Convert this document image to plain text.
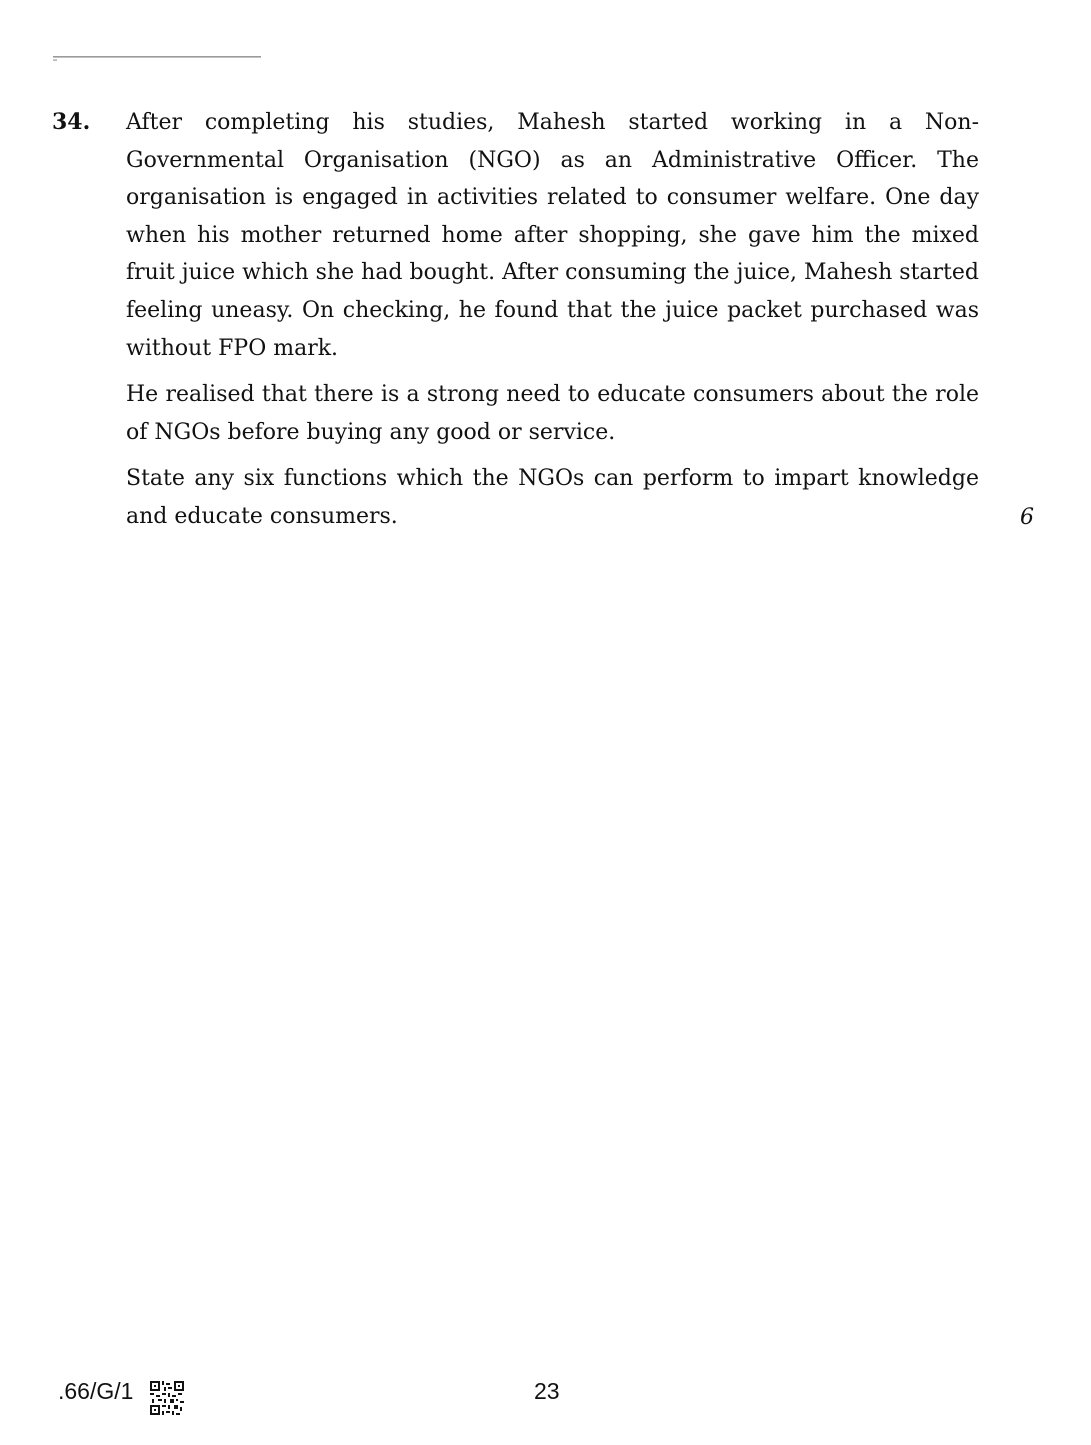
34. After completing his studies, Mahesh started working in a Non-Governmental Organisation (NGO) as an Administrative Officer. The organisation is engaged in activities related to consumer welfare. One day when his mother returned home after shopping, she gave him the mixed fruit juice which she had bought. After consuming the juice, Mahesh started feeling uneasy. On checking, he found that the juice packet purchased was without FPO mark.

He realised that there is a strong need to educate consumers about the role of NGOs before buying any good or service.

State any six functions which the NGOs can perform to impart knowledge and educate consumers.	6
.66/G/1	23
